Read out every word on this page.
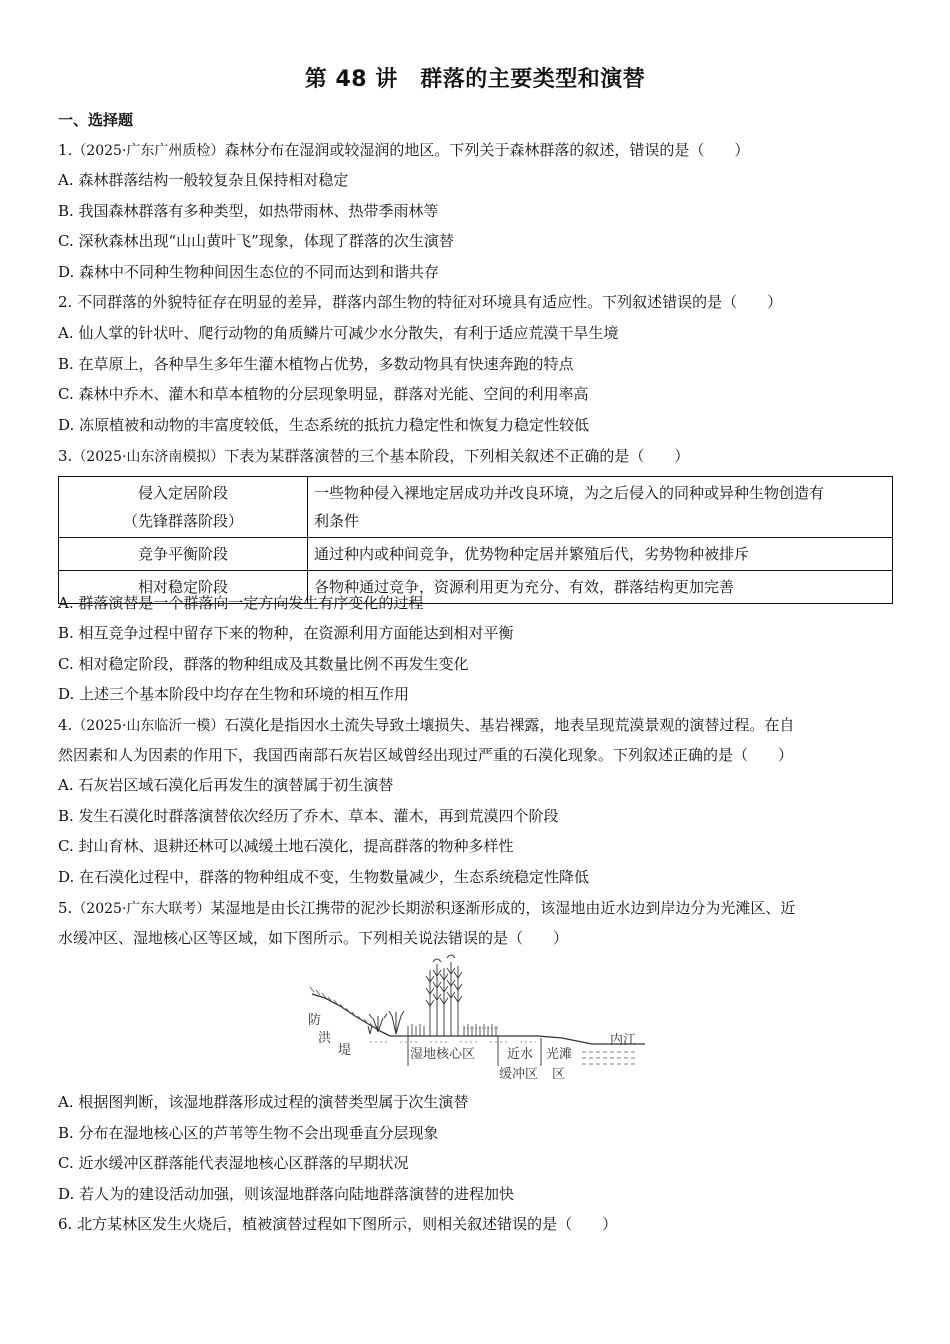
第 48 讲　群落的主要类型和演替
一、选择题
1.（2025·广东广州质检）森林分布在湿润或较湿润的地区。下列关于森林群落的叙述，错误的是（　　）
A. 森林群落结构一般较复杂且保持相对稳定
B. 我国森林群落有多种类型，如热带雨林、热带季雨林等
C. 深秋森林出现“山山黄叶飞”现象，体现了群落的次生演替
D. 森林中不同种生物种间因生态位的不同而达到和谐共存
2. 不同群落的外貌特征存在明显的差异，群落内部生物的特征对环境具有适应性。下列叙述错误的是（　　）
A. 仙人掌的针状叶、爬行动物的角质鳞片可减少水分散失，有利于适应荒漠干旱生境
B. 在草原上，各种旱生多年生灌木植物占优势，多数动物具有快速奔跑的特点
C. 森林中乔木、灌木和草本植物的分层现象明显，群落对光能、空间的利用率高
D. 冻原植被和动物的丰富度较低，生态系统的抵抗力稳定性和恢复力稳定性较低
3.（2025·山东济南模拟）下表为某群落演替的三个基本阶段，下列相关叙述不正确的是（　　）
侵入定居阶段
（先锋群落阶段）	一些物种侵入裸地定居成功并改良环境，为之后侵入的同种或异种生物创造有
利条件

竞争平衡阶段	通过种内或种间竞争，优势物种定居并繁殖后代，劣势物种被排斥
相对稳定阶段	各物种通过竞争，资源利用更为充分、有效，群落结构更加完善
A. 群落演替是一个群落向一定方向发生有序变化的过程
B. 相互竞争过程中留存下来的物种，在资源利用方面能达到相对平衡
C. 相对稳定阶段，群落的物种组成及其数量比例不再发生变化
D. 上述三个基本阶段中均存在生物和环境的相互作用
4.（2025·山东临沂一模）石漠化是指因水土流失导致土壤损失、基岩裸露，地表呈现荒漠景观的演替过程。在自
然因素和人为因素的作用下，我国西南部石灰岩区域曾经出现过严重的石漠化现象。下列叙述正确的是（　　）
A. 石灰岩区域石漠化后再发生的演替属于初生演替
B. 发生石漠化时群落演替依次经历了乔木、草本、灌木，再到荒漠四个阶段
C. 封山育林、退耕还林可以减缓土地石漠化，提高群落的物种多样性
D. 在石漠化过程中，群落的物种组成不变，生物数量减少，生态系统稳定性降低
5.（2025·广东大联考）某湿地是由长江携带的泥沙长期淤积逐渐形成的，该湿地由近水边到岸边分为光滩区、近
水缓冲区、湿地核心区等区域，如下图所示。下列相关说法错误的是（　　）
防
洪
堤	湿地核心区 近水
缓冲区
光滩
区
内江
A. 根据图判断，该湿地群落形成过程的演替类型属于次生演替
B. 分布在湿地核心区的芦苇等生物不会出现垂直分层现象
C. 近水缓冲区群落能代表湿地核心区群落的早期状况
D. 若人为的建设活动加强，则该湿地群落向陆地群落演替的进程加快
6. 北方某林区发生火烧后，植被演替过程如下图所示，则相关叙述错误的是（　　）
